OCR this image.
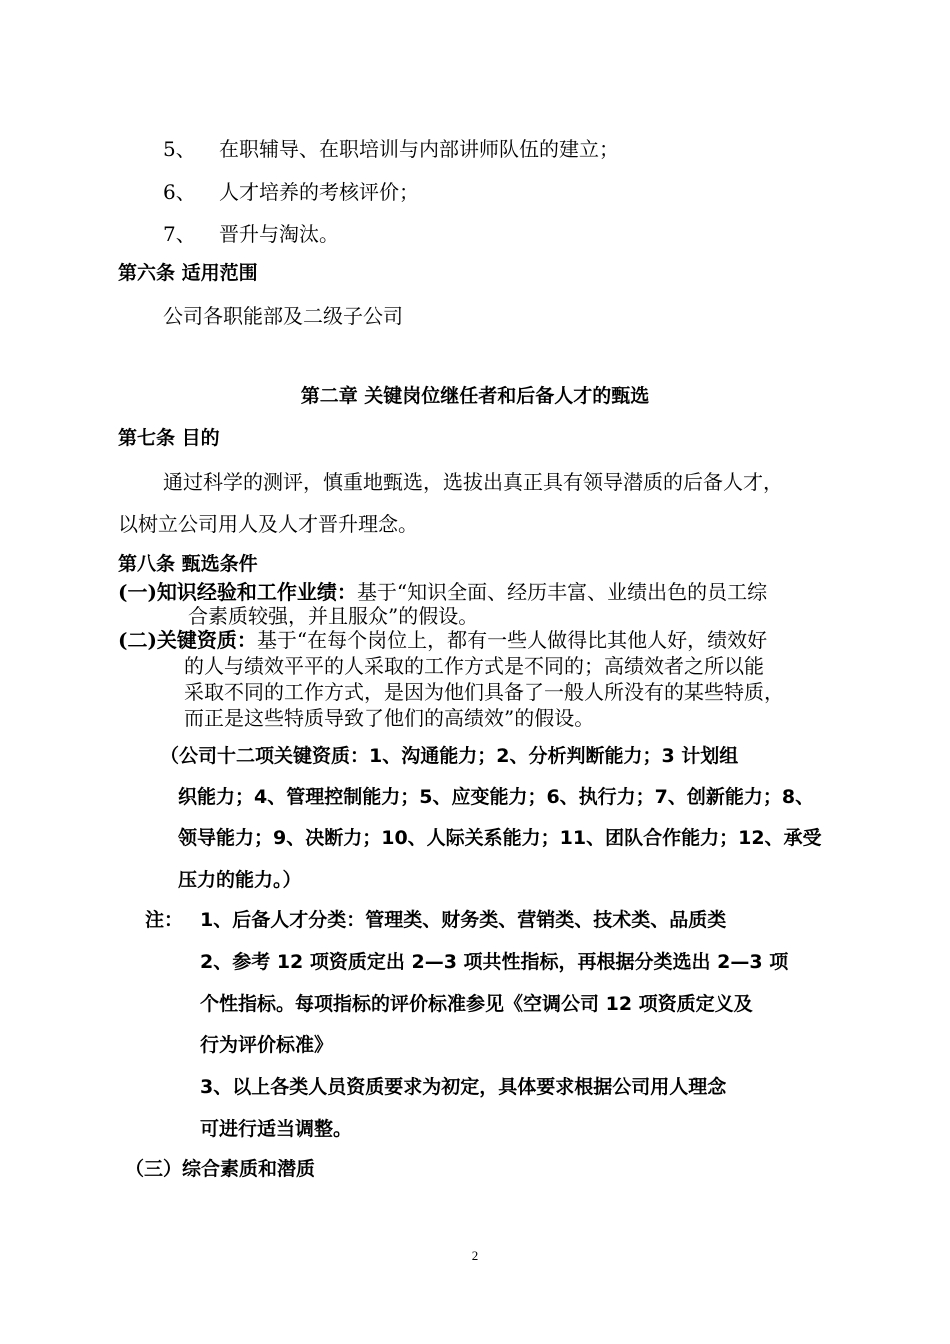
5、 在职辅导、在职培训与内部讲师队伍的建立；
6、 人才培养的考核评价；
7、 晋升与淘汰。
第六条 适用范围
公司各职能部及二级子公司
第二章 关键岗位继任者和后备人才的甄选
第七条 目的
通过科学的测评，慎重地甄选，选拔出真正具有领导潜质的后备人才，
以树立公司用人及人才晋升理念。
第八条 甄选条件
(一)知识经验和工作业绩：基于“知识全面、经历丰富、业绩出色的员工综
合素质较强，并且服众”的假设。
(二)关键资质：基于“在每个岗位上，都有一些人做得比其他人好，绩效好
的人与绩效平平的人采取的工作方式是不同的；高绩效者之所以能
采取不同的工作方式，是因为他们具备了一般人所没有的某些特质，
而正是这些特质导致了他们的高绩效”的假设。
（公司十二项关键资质：1、沟通能力；2、分析判断能力；3 计划组
织能力；4、管理控制能力；5、应变能力；6、执行力；7、创新能力；8、
领导能力；9、决断力；10、人际关系能力；11、团队合作能力；12、承受
压力的能力。）
注： 1、后备人才分类：管理类、财务类、营销类、技术类、品质类
2、参考 12 项资质定出 2—3 项共性指标，再根据分类选出 2—3 项
个性指标。每项指标的评价标准参见《空调公司 12 项资质定义及
行为评价标准》
3、以上各类人员资质要求为初定，具体要求根据公司用人理念
可进行适当调整。
（三）综合素质和潜质
2
